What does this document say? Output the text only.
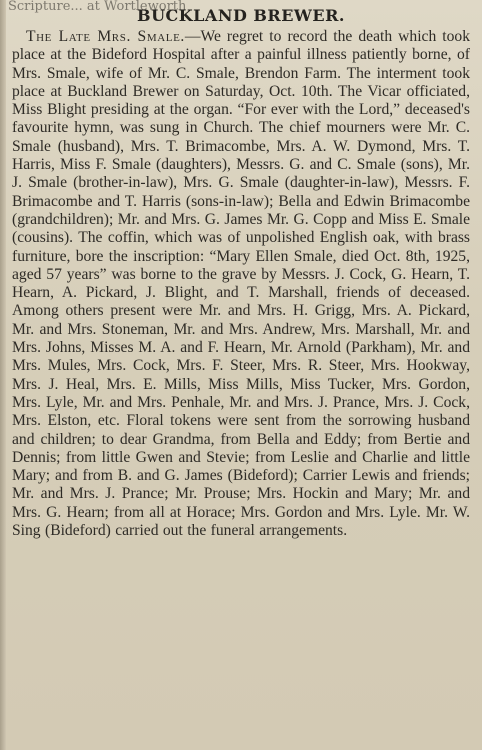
Scripture... at Wortleworth
BUCKLAND BREWER.
The Late Mrs. Smale.—We regret to record the death which took place at the Bideford Hospital after a painful illness patiently borne, of Mrs. Smale, wife of Mr. C. Smale, Brendon Farm. The interment took place at Buckland Brewer on Saturday, Oct. 10th. The Vicar officiated, Miss Blight presiding at the organ. “For ever with the Lord,” deceased's favourite hymn, was sung in Church. The chief mourners were Mr. C. Smale (husband), Mrs. T. Brimacombe, Mrs. A. W. Dymond, Mrs. T. Harris, Miss F. Smale (daughters), Messrs. G. and C. Smale (sons), Mr. J. Smale (brother-in-law), Mrs. G. Smale (daughter-in-law), Messrs. F. Brimacombe and T. Harris (sons-in-law); Bella and Edwin Brimacombe (grandchildren); Mr. and Mrs. G. James Mr. G. Copp and Miss E. Smale (cousins). The coffin, which was of unpolished English oak, with brass furniture, bore the inscription: “Mary Ellen Smale, died Oct. 8th, 1925, aged 57 years” was borne to the grave by Messrs. J. Cock, G. Hearn, T. Hearn, A. Pickard, J. Blight, and T. Marshall, friends of deceased. Among others present were Mr. and Mrs. H. Grigg, Mrs. A. Pickard, Mr. and Mrs. Stoneman, Mr. and Mrs. Andrew, Mrs. Marshall, Mr. and Mrs. Johns, Misses M. A. and F. Hearn, Mr. Arnold (Parkham), Mr. and Mrs. Mules, Mrs. Cock, Mrs. F. Steer, Mrs. R. Steer, Mrs. Hookway, Mrs. J. Heal, Mrs. E. Mills, Miss Mills, Miss Tucker, Mrs. Gordon, Mrs. Lyle, Mr. and Mrs. Penhale, Mr. and Mrs. J. Prance, Mrs. J. Cock, Mrs. Elston, etc. Floral tokens were sent from the sorrowing husband and children; to dear Grandma, from Bella and Eddy; from Bertie and Dennis; from little Gwen and Stevie; from Leslie and Charlie and little Mary; and from B. and G. James (Bideford); Carrier Lewis and friends; Mr. and Mrs. J. Prance; Mr. Prouse; Mrs. Hockin and Mary; Mr. and Mrs. G. Hearn; from all at Horace; Mrs. Gordon and Mrs. Lyle. Mr. W. Sing (Bideford) carried out the funeral arrangements.
